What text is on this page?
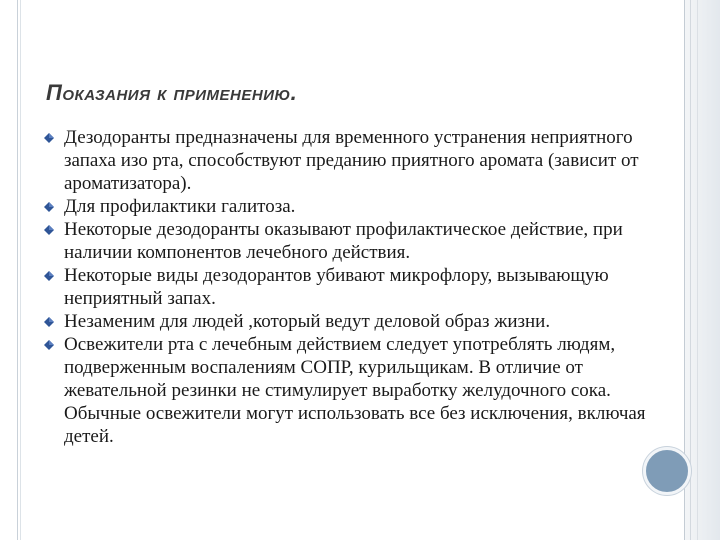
Показания к применению.
Дезодоранты предназначены для временного устранения неприятного запаха изо рта, способствуют преданию приятного аромата (зависит от ароматизатора).
Для профилактики галитоза.
Некоторые дезодоранты оказывают профилактическое действие, при наличии компонентов лечебного действия.
Некоторые виды дезодорантов убивают микрофлору, вызывающую неприятный запах.
Незаменим для людей ,который ведут деловой образ жизни.
Освежители рта с лечебным действием следует употреблять людям, подверженным воспалениям СОПР, курильщикам. В отличие от жевательной резинки не стимулирует выработку желудочного сока.
Обычные освежители могут использовать все без исключения, включая детей.
